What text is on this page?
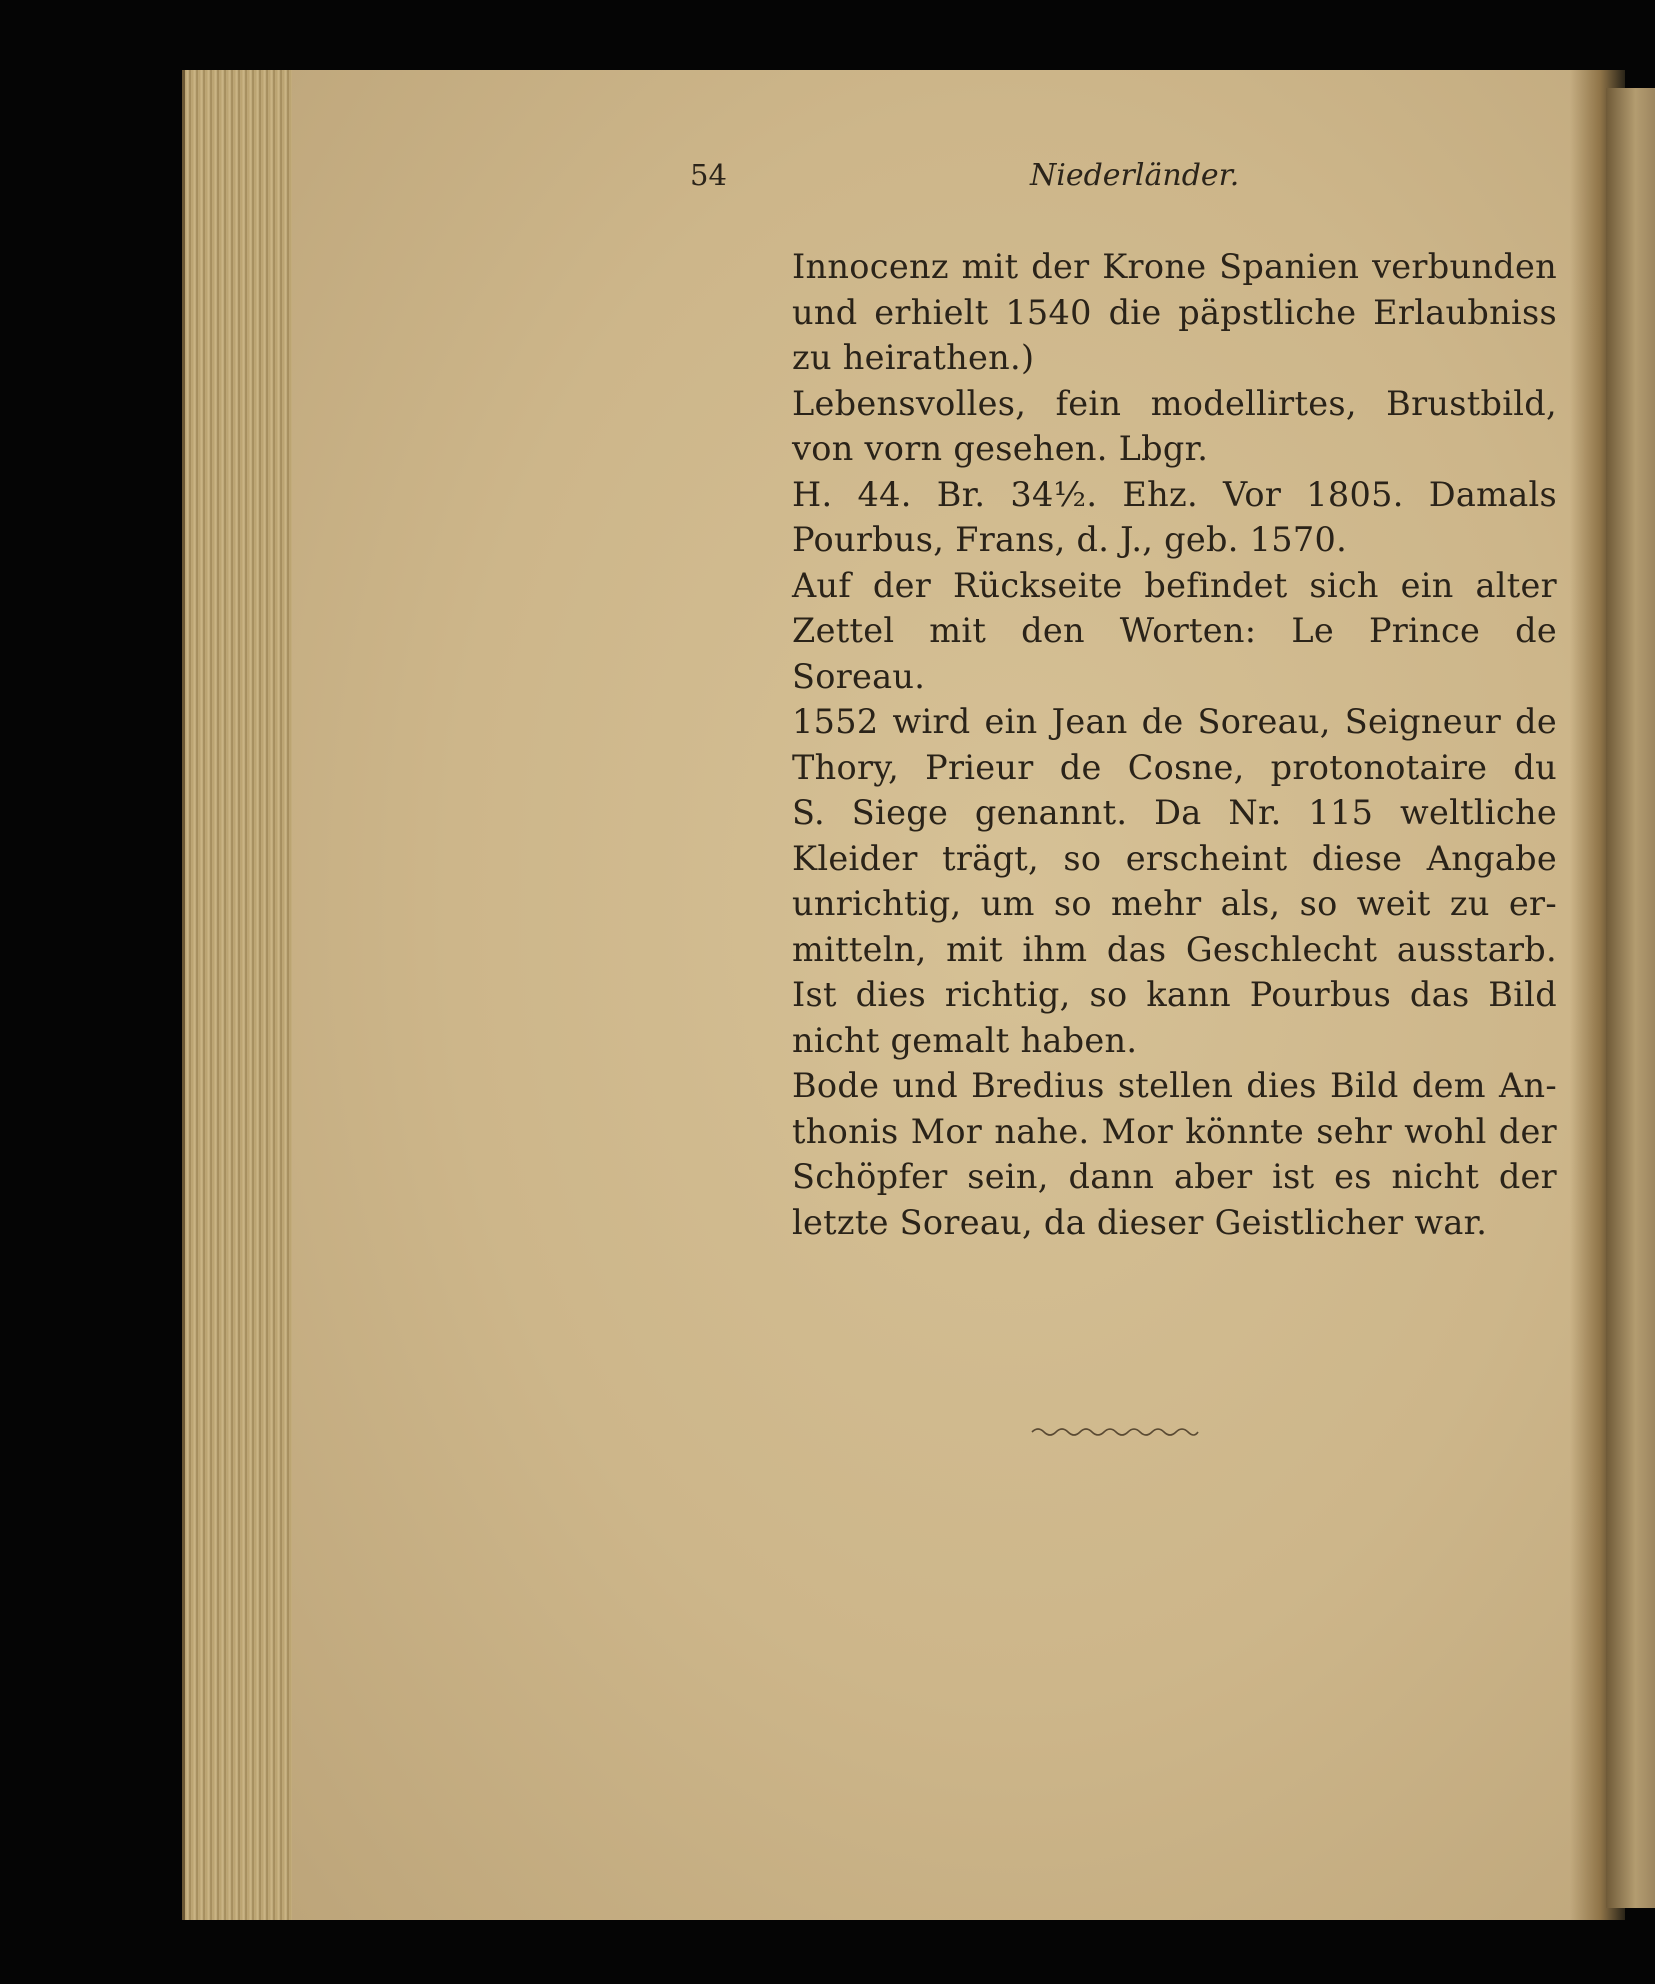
54	Niederländer.

Innocenz mit der Krone Spanien verbunden
und erhielt 1540 die päpstliche Erlaubniss
zu heirathen.)

Lebensvolles, fein modellirtes, Brustbild,
von vorn gesehen. Lbgr.

H. 44. Br. 34½. Ehz. Vor 1805. Damals
Pourbus, Frans, d. J., geb. 1570.

Auf der Rückseite befindet sich ein alter
Zettel mit den Worten: Le Prince de Soreau.
1552 wird ein Jean de Soreau, Seigneur de
Thory, Prieur de Cosne, protonotaire du
S. Siege genannt. Da Nr. 115 weltliche
Kleider trägt, so erscheint diese Angabe
unrichtig, um so mehr als, so weit zu er-
mitteln, mit ihm das Geschlecht ausstarb.
Ist dies richtig, so kann Pourbus das Bild
nicht gemalt haben.

Bode und Bredius stellen dies Bild dem An-
thonis Mor nahe. Mor könnte sehr wohl der
Schöpfer sein, dann aber ist es nicht der
letzte Soreau, da dieser Geistlicher war.
